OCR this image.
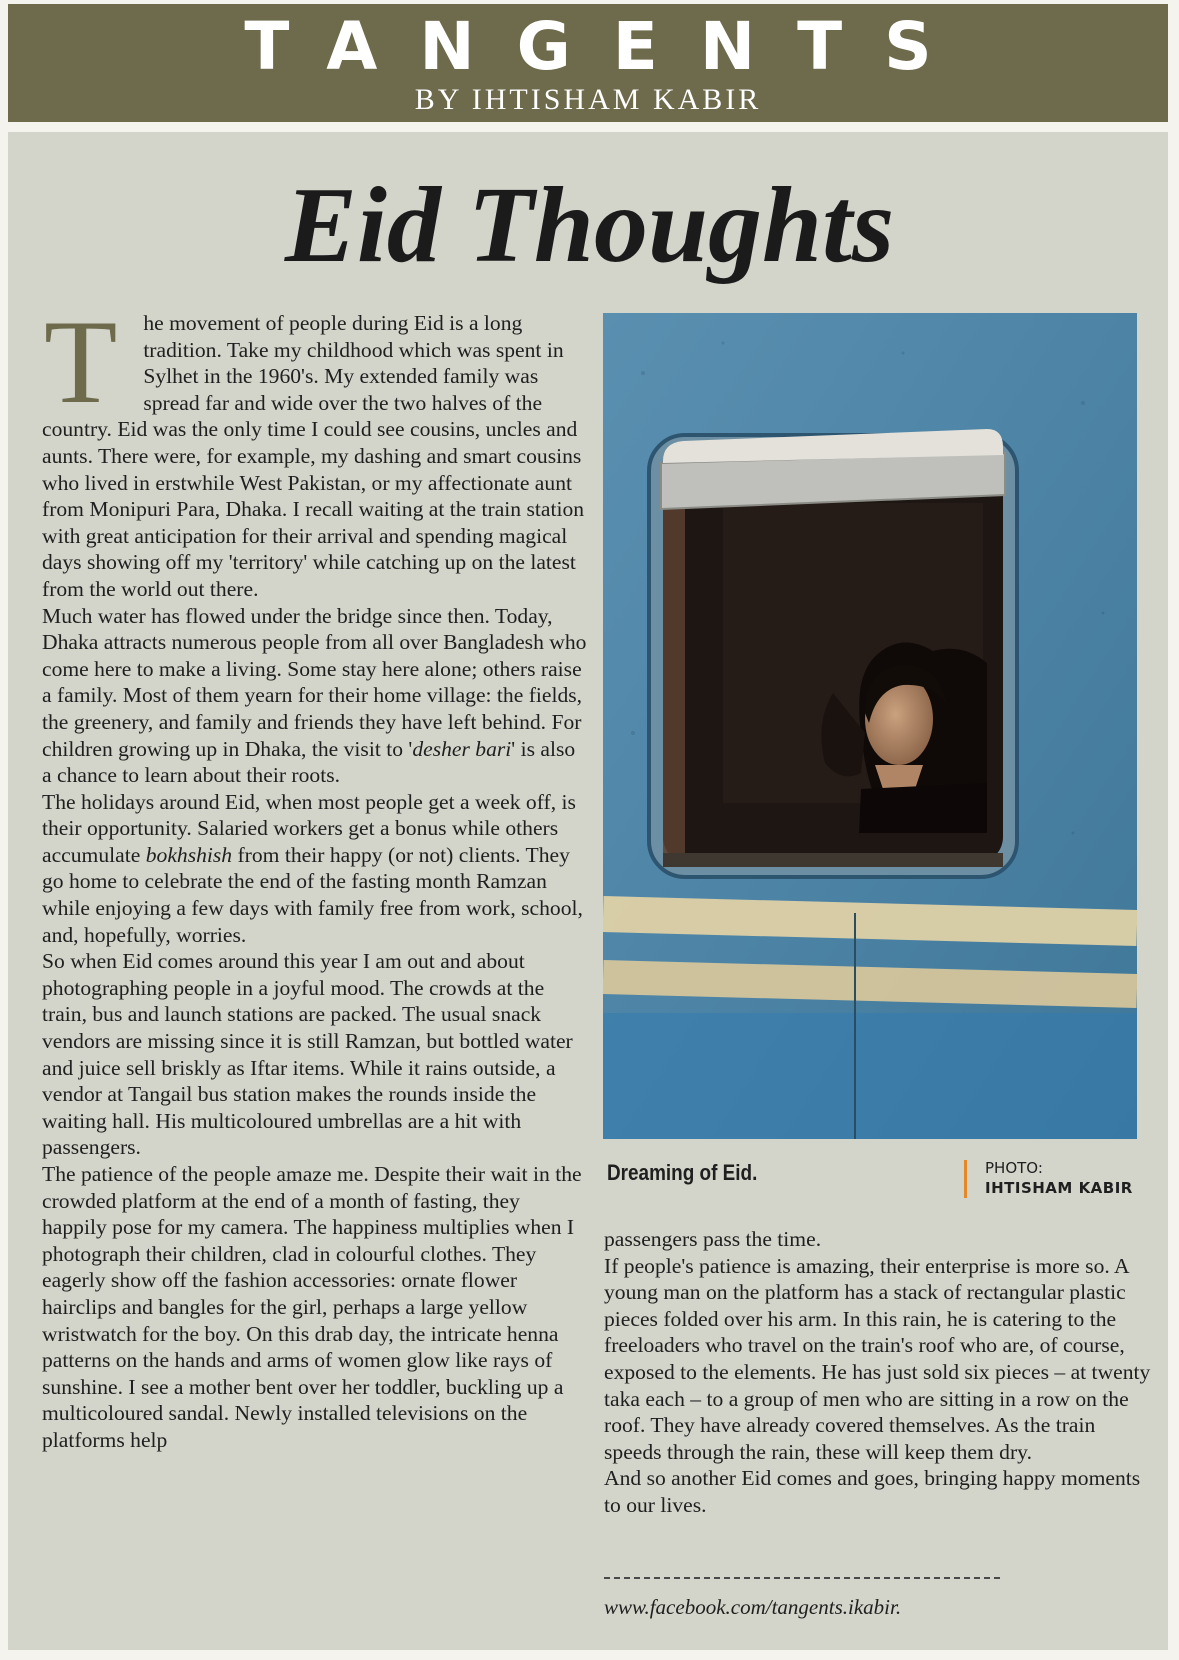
TANGENTS
BY IHTISHAM KABIR
Eid Thoughts

T he movement of people during Eid is a long tradition. Take my childhood which was spent in Sylhet in the 1960's. My extended family was spread far and wide over the two halves of the country. Eid was the only time I could see cousins, uncles and aunts. There were, for example, my dashing and smart cousins who lived in erstwhile West Pakistan, or my affectionate aunt from Monipuri Para, Dhaka. I recall waiting at the train station with great anticipation for their arrival and spending magical days showing off my 'territory' while catching up on the latest from the world out there.

Much water has flowed under the bridge since then. Today, Dhaka attracts numerous people from all over Bangladesh who come here to make a living. Some stay here alone; others raise a family. Most of them yearn for their home village: the fields, the greenery, and family and friends they have left behind. For children growing up in Dhaka, the visit to 'desher bari' is also a chance to learn about their roots.

The holidays around Eid, when most people get a week off, is their opportunity. Salaried workers get a bonus while others accumulate bokhshish from their happy (or not) clients. They go home to celebrate the end of the fasting month Ramzan while enjoying a few days with family free from work, school, and, hopefully, worries.

So when Eid comes around this year I am out and about photographing people in a joyful mood. The crowds at the train, bus and launch stations are packed. The usual snack vendors are missing since it is still Ramzan, but bottled water and juice sell briskly as Iftar items. While it rains outside, a vendor at Tangail bus station makes the rounds inside the waiting hall. His multicoloured umbrellas are a hit with passengers.

The patience of the people amaze me. Despite their wait in the crowded platform at the end of a month of fasting, they happily pose for my camera. The happiness multiplies when I photograph their children, clad in colourful clothes. They eagerly show off the fashion accessories: ornate flower hairclips and bangles for the girl, perhaps a large yellow wristwatch for the boy. On this drab day, the intricate henna patterns on the hands and arms of women glow like rays of sunshine. I see a mother bent over her toddler, buckling up a multicoloured sandal. Newly installed televisions on the platforms help

Dreaming of Eid.	PHOTO:
IHTISHAM KABIR

passengers pass the time.

If people's patience is amazing, their enterprise is more so. A young man on the platform has a stack of rectangular plastic pieces folded over his arm. In this rain, he is catering to the freeloaders who travel on the train's roof who are, of course, exposed to the elements. He has just sold six pieces – at twenty taka each – to a group of men who are sitting in a row on the roof. They have already covered themselves. As the train speeds through the rain, these will keep them dry.

And so another Eid comes and goes, bringing happy moments to our lives.

www.facebook.com/tangents.ikabir.
